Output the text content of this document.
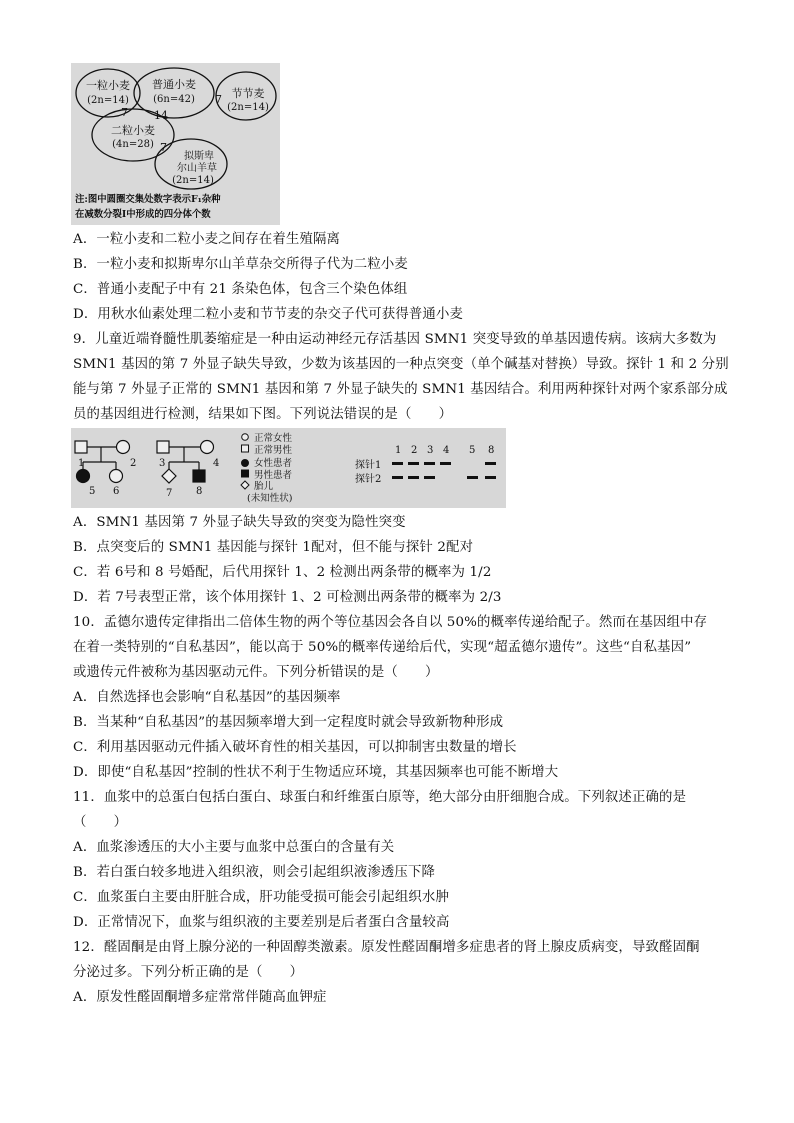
一粒小麦
(2n=14)
普通小麦
(6n=42)	节节麦
(2n=14)
二粒小麦
(4n=28)
拟斯卑
尔山羊草
(2n=14)
7 14
7
7
注:图中圆圈交集处数字表示F₁杂种
在减数分裂Ⅰ中形成的四分体个数
A．一粒小麦和二粒小麦之间存在着生殖隔离
B．一粒小麦和拟斯卑尔山羊草杂交所得子代为二粒小麦
C．普通小麦配子中有 21 条染色体，包含三个染色体组
D．用秋水仙素处理二粒小麦和节节麦的杂交子代可获得普通小麦
9．儿童近端脊髓性肌萎缩症是一种由运动神经元存活基因 SMN1 突变导致的单基因遗传病。该病大多数为
SMN1 基因的第 7 外显子缺失导致，少数为该基因的一种点突变（单个碱基对替换）导致。探针 1 和 2 分别
能与第 7 外显子正常的 SMN1 基因和第 7 外显子缺失的 SMN1 基因结合。利用两种探针对两个家系部分成
员的基因组进行检测，结果如下图。下列说法错误的是（　　）
1	2
5 6
3	4
7 8
正常女性
正常男性
女性患者
男性患者
胎儿
(未知性状)
1 2 3 4 5 8
探针1
探针2
A．SMN1 基因第 7 外显子缺失导致的突变为隐性突变
B．点突变后的 SMN1 基因能与探针 1配对，但不能与探针 2配对
C．若 6号和 8 号婚配，后代用探针 1、2 检测出两条带的概率为 1/2
D．若 7号表型正常，该个体用探针 1、2 可检测出两条带的概率为 2/3
10．孟德尔遗传定律指出二倍体生物的两个等位基因会各自以 50%的概率传递给配子。然而在基因组中存
在着一类特别的“自私基因”，能以高于 50%的概率传递给后代，实现“超孟德尔遗传”。这些“自私基因”
或遗传元件被称为基因驱动元件。下列分析错误的是（　　）
A．自然选择也会影响“自私基因”的基因频率
B．当某种“自私基因”的基因频率增大到一定程度时就会导致新物种形成
C．利用基因驱动元件插入破坏育性的相关基因，可以抑制害虫数量的增长
D．即使“自私基因”控制的性状不利于生物适应环境，其基因频率也可能不断增大
11．血浆中的总蛋白包括白蛋白、球蛋白和纤维蛋白原等，绝大部分由肝细胞合成。下列叙述正确的是
（　　）
A．血浆渗透压的大小主要与血浆中总蛋白的含量有关
B．若白蛋白较多地进入组织液，则会引起组织液渗透压下降
C．血浆蛋白主要由肝脏合成，肝功能受损可能会引起组织水肿
D．正常情况下，血浆与组织液的主要差别是后者蛋白含量较高
12．醛固酮是由肾上腺分泌的一种固醇类激素。原发性醛固酮增多症患者的肾上腺皮质病变，导致醛固酮
分泌过多。下列分析正确的是（　　）
A．原发性醛固酮增多症常常伴随高血钾症
